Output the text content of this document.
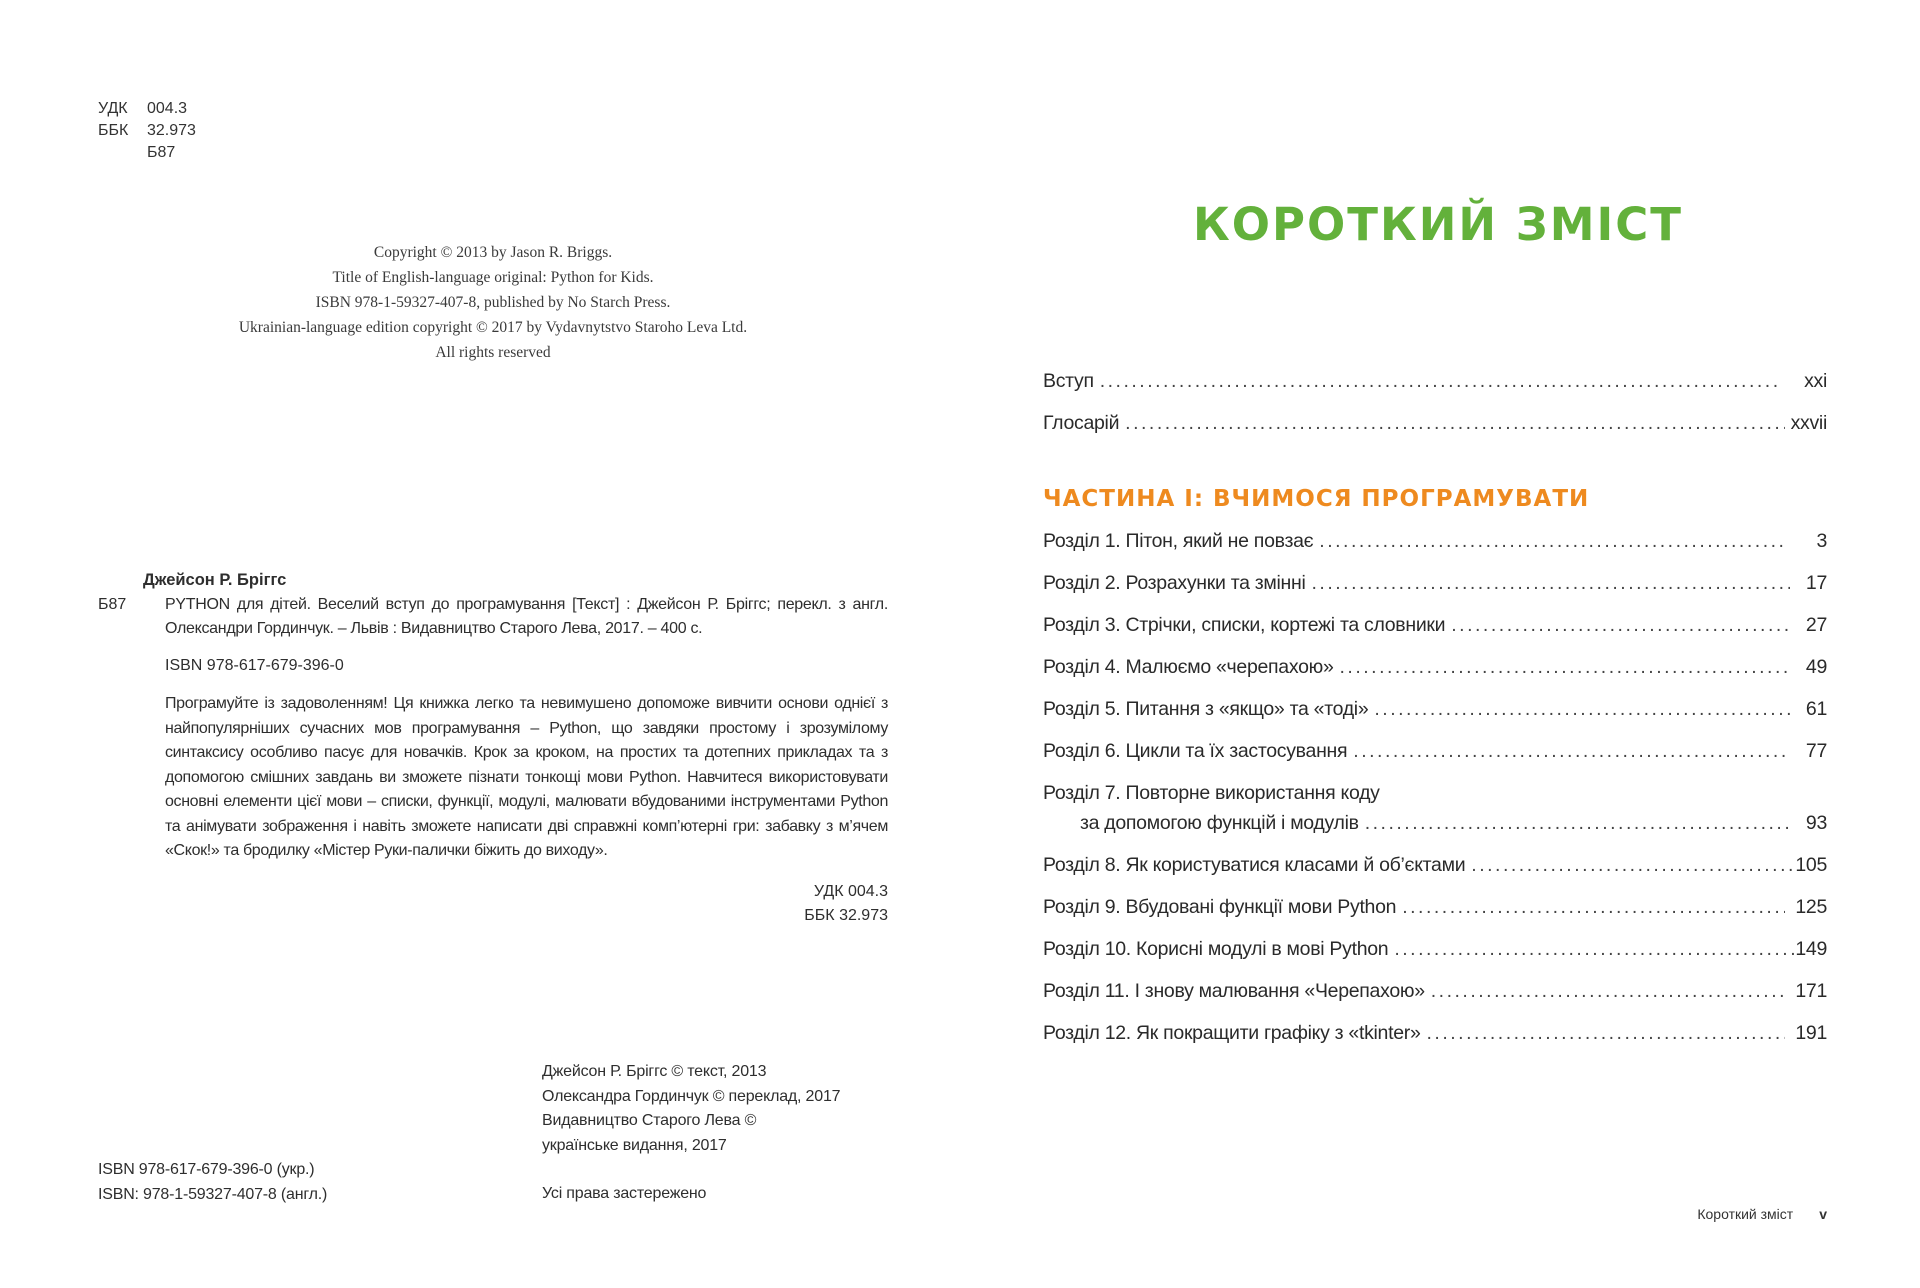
УДК	004.3
ББК	32.973
Б87
Copyright © 2013 by Jason R. Briggs.
Title of English-language original: Python for Kids.
ISBN 978-1-59327-407-8, published by No Starch Press.
Ukrainian-language edition copyright © 2017 by Vydavnytstvo Staroho Leva Ltd.
All rights reserved
Джейсон Р. Бріггс
Б87	PYTHON для дітей. Веселий вступ до програмування [Текст] : Джейсон Р. Бріггс; перекл. з англ. Олександри Гординчук. – Львів : Видавництво Старого Лева, 2017. – 400 с.
ISBN 978-617-679-396-0

Програмуйте із задоволенням! Ця книжка легко та невимушено допоможе вивчити основи однієї з найпопулярніших сучасних мов програмування – Python, що завдяки простому і зрозумілому синтаксису особливо пасує для новачків. Крок за кроком, на простих та дотепних прикладах та з допомогою смішних завдань ви зможете пізнати тонкощі мови Python. Навчитеся використовувати основні елементи цієї мови – списки, функції, модулі, малювати вбудованими інструментами Python та анімувати зображення і навіть зможете написати дві справжні комп’ютерні гри: забавку з м’ячем «Скок!» та бродилку «Містер Руки-палички біжить до виходу».

УДК 004.3
ББК 32.973
Джейсон Р. Бріггс © текст, 2013
Олександра Гординчук © переклад, 2017
Видавництво Старого Лева ©
українське видання, 2017
Усі права застережено
ISBN 978-617-679-396-0 (укр.)
ISBN: 978-1-59327-407-8 (англ.)
КОРОТКИЙ ЗМІСТ
Вступ .....	xxi
Глосарій .....	xxvii
ЧАСТИНА I: ВЧИМОСЯ ПРОГРАМУВАТИ
Розділ 1. Пітон, який не повзає .....	3
Розділ 2. Розрахунки та змінні .....	17
Розділ 3. Стрічки, списки, кортежі та словники .....	27
Розділ 4. Малюємо «черепахою» .....	49
Розділ 5. Питання з «якщо» та «тоді» .....	61
Розділ 6. Цикли та їх застосування .....	77
Розділ 7. Повторне використання коду
за допомогою функцій і модулів .....	93
Розділ 8. Як користуватися класами й об’єктами .....	105
Розділ 9. Вбудовані функції мови Python .....	125
Розділ 10. Корисні модулі в мові Python .....	149
Розділ 11. І знову малювання «Черепахою» .....	171
Розділ 12. Як покращити графіку з «tkinter» .....	191
Короткий зміст v
